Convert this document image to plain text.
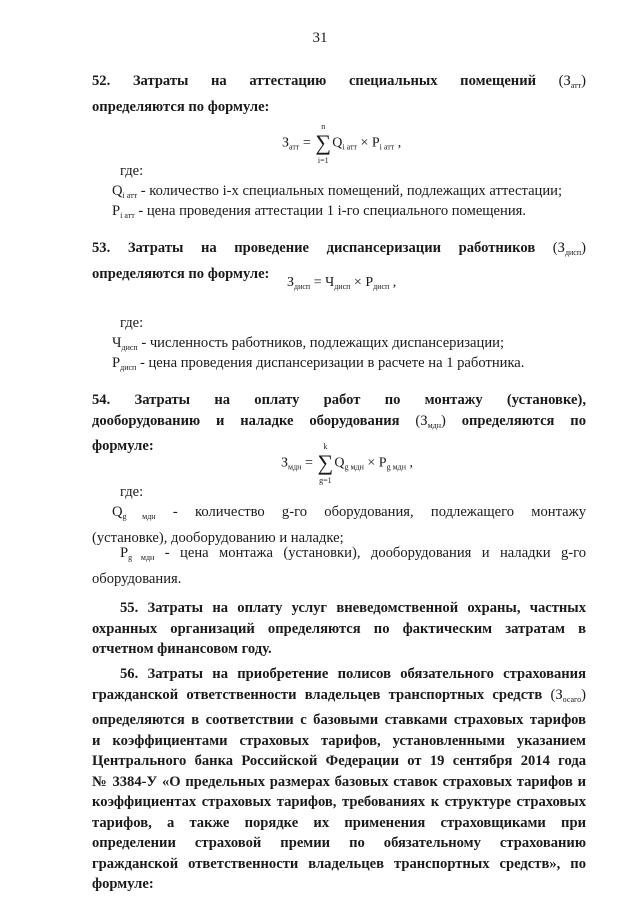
31
52. Затраты на аттестацию специальных помещений $(З_{атт})$
определяются по формуле:
$З_{атт}$ =
n
∑
i=1
$Q_{i атт} \times P_{i атт}$ ,
где:
$Q_{i атт}$ - количество i-х специальных помещений, подлежащих аттестации;
$P_{i атт}$ - цена проведения аттестации 1 i-го специального помещения.
53. Затраты на проведение диспансеризации работников $(З_{дисп})$
определяются по формуле:
$З_{дисп} = Ч_{дисп} \times P_{дисп}$ ,
где:
$Ч_{дисп}$ - численность работников, подлежащих диспансеризации;
$P_{дисп}$ - цена проведения диспансеризации в расчете на 1 работника.
54. Затраты на оплату работ по монтажу (установке),
дооборудованию и наладке оборудования $(З_{мдн})$ определяются по
формуле:
$З_{мдн}$ =
k
∑
g=1
$Q_{g мдн} \times P_{g мдн}$ ,
где:
$Q_{g мдн}$ - количество g-го оборудования, подлежащего монтажу
(установке), дооборудованию и наладке;
$P_{g мдн}$ - цена монтажа (установки), дооборудования и наладки g-го
оборудования.
55. Затраты на оплату услуг вневедомственной охраны, частных
охранных организаций определяются по фактическим затратам в
отчетном финансовом году.
56. Затраты на приобретение полисов обязательного страхования
гражданской ответственности владельцев транспортных средств $(З_{осаго})$
определяются в соответствии с базовыми ставками страховых тарифов
и коэффициентами страховых тарифов, установленными указанием
Центрального банка Российской Федерации от 19 сентября 2014 года
№ 3384-У «О предельных размерах базовых ставок страховых тарифов и
коэффициентах страховых тарифов, требованиях к структуре страховых
тарифов, а также порядке их применения страховщиками при
определении страховой премии по обязательному страхованию
гражданской ответственности владельцев транспортных средств», по
формуле:
